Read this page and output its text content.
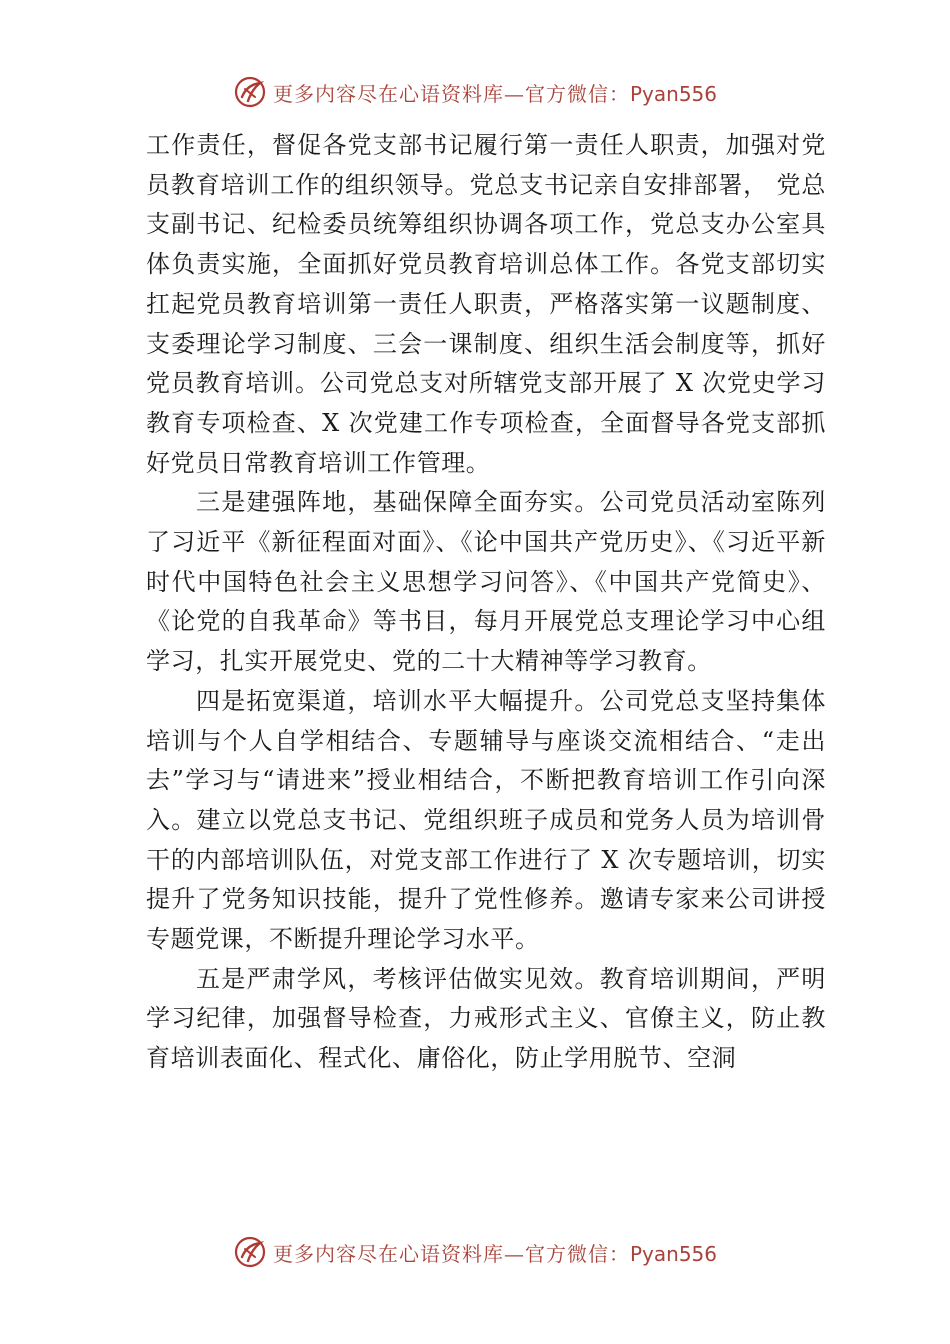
更多内容尽在心语资料库—官方微信：Pyan556

工作责任，督促各党支部书记履行第一责任人职责，加强对党员教育培训工作的组织领导。党总支书记亲自安排部署， 党总支副书记、纪检委员统筹组织协调各项工作，党总支办公室具体负责实施，全面抓好党员教育培训总体工作。各党支部切实扛起党员教育培训第一责任人职责，严格落实第一议题制度、支委理论学习制度、三会一课制度、组织生活会制度等，抓好党员教育培训。公司党总支对所辖党支部开展了 X 次党史学习教育专项检查、X 次党建工作专项检查，全面督导各党支部抓好党员日常教育培训工作管理。

三是建强阵地，基础保障全面夯实。公司党员活动室陈列了习近平《新征程面对面》、《论中国共产党历史》、《习近平新时代中国特色社会主义思想学习问答》、《中国共产党简史》、《论党的自我革命》等书目，每月开展党总支理论学习中心组学习，扎实开展党史、党的二十大精神等学习教育。

四是拓宽渠道，培训水平大幅提升。公司党总支坚持集体培训与个人自学相结合、专题辅导与座谈交流相结合、“走出去”学习与“请进来”授业相结合，不断把教育培训工作引向深入。建立以党总支书记、党组织班子成员和党务人员为培训骨干的内部培训队伍，对党支部工作进行了 X 次专题培训，切实提升了党务知识技能，提升了党性修养。邀请专家来公司讲授专题党课，不断提升理论学习水平。

五是严肃学风，考核评估做实见效。教育培训期间，严明学习纪律，加强督导检查，力戒形式主义、官僚主义，防止教育培训表面化、程式化、庸俗化，防止学用脱节、空洞

更多内容尽在心语资料库—官方微信：Pyan556
